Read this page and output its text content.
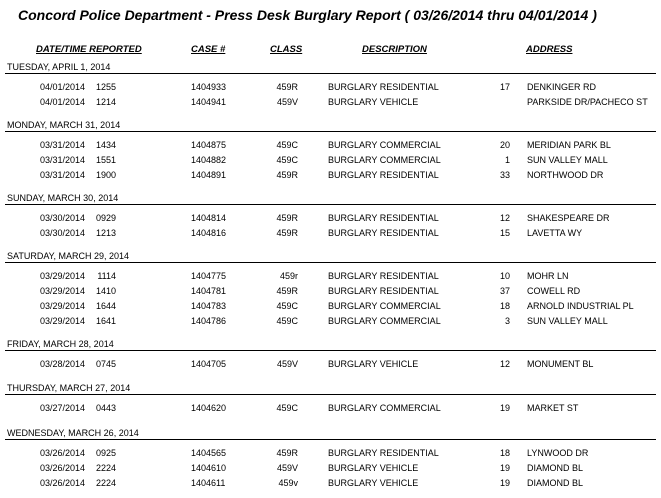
Concord Police Department - Press Desk Burglary Report ( 03/26/2014 thru 04/01/2014 )
DATE/TIME REPORTED	CASE #	CLASS	DESCRIPTION	ADDRESS
TUESDAY, APRIL 1, 2014
04/01/2014	1255	1404933	459R	BURGLARY RESIDENTIAL	17 DENKINGER RD
04/01/2014	1214	1404941	459V	BURGLARY VEHICLE	PARKSIDE DR/PACHECO ST
MONDAY, MARCH 31, 2014
03/31/2014	1434	1404875	459C	BURGLARY COMMERCIAL	20 MERIDIAN PARK BL
03/31/2014	1551	1404882	459C	BURGLARY COMMERCIAL	1 SUN VALLEY MALL
03/31/2014	1900	1404891	459R	BURGLARY RESIDENTIAL	33 NORTHWOOD DR
SUNDAY, MARCH 30, 2014
03/30/2014	0929	1404814	459R	BURGLARY RESIDENTIAL	12 SHAKESPEARE DR
03/30/2014	1213	1404816	459R	BURGLARY RESIDENTIAL	15 LAVETTA WY
SATURDAY, MARCH 29, 2014
03/29/2014	1114	1404775	459r	BURGLARY RESIDENTIAL	10 MOHR LN
03/29/2014	1410	1404781	459R	BURGLARY RESIDENTIAL	37 COWELL RD
03/29/2014	1644	1404783	459C	BURGLARY COMMERCIAL	18 ARNOLD INDUSTRIAL PL
03/29/2014	1641	1404786	459C	BURGLARY COMMERCIAL	3 SUN VALLEY MALL
FRIDAY, MARCH 28, 2014
03/28/2014	0745	1404705	459V	BURGLARY VEHICLE	12 MONUMENT BL
THURSDAY, MARCH 27, 2014
03/27/2014	0443	1404620	459C	BURGLARY COMMERCIAL	19 MARKET ST
WEDNESDAY, MARCH 26, 2014
03/26/2014	0925	1404565	459R	BURGLARY RESIDENTIAL	18 LYNWOOD DR
03/26/2014	2224	1404610	459V	BURGLARY VEHICLE	19 DIAMOND BL
03/26/2014	2224	1404611	459v	BURGLARY VEHICLE	19 DIAMOND BL
